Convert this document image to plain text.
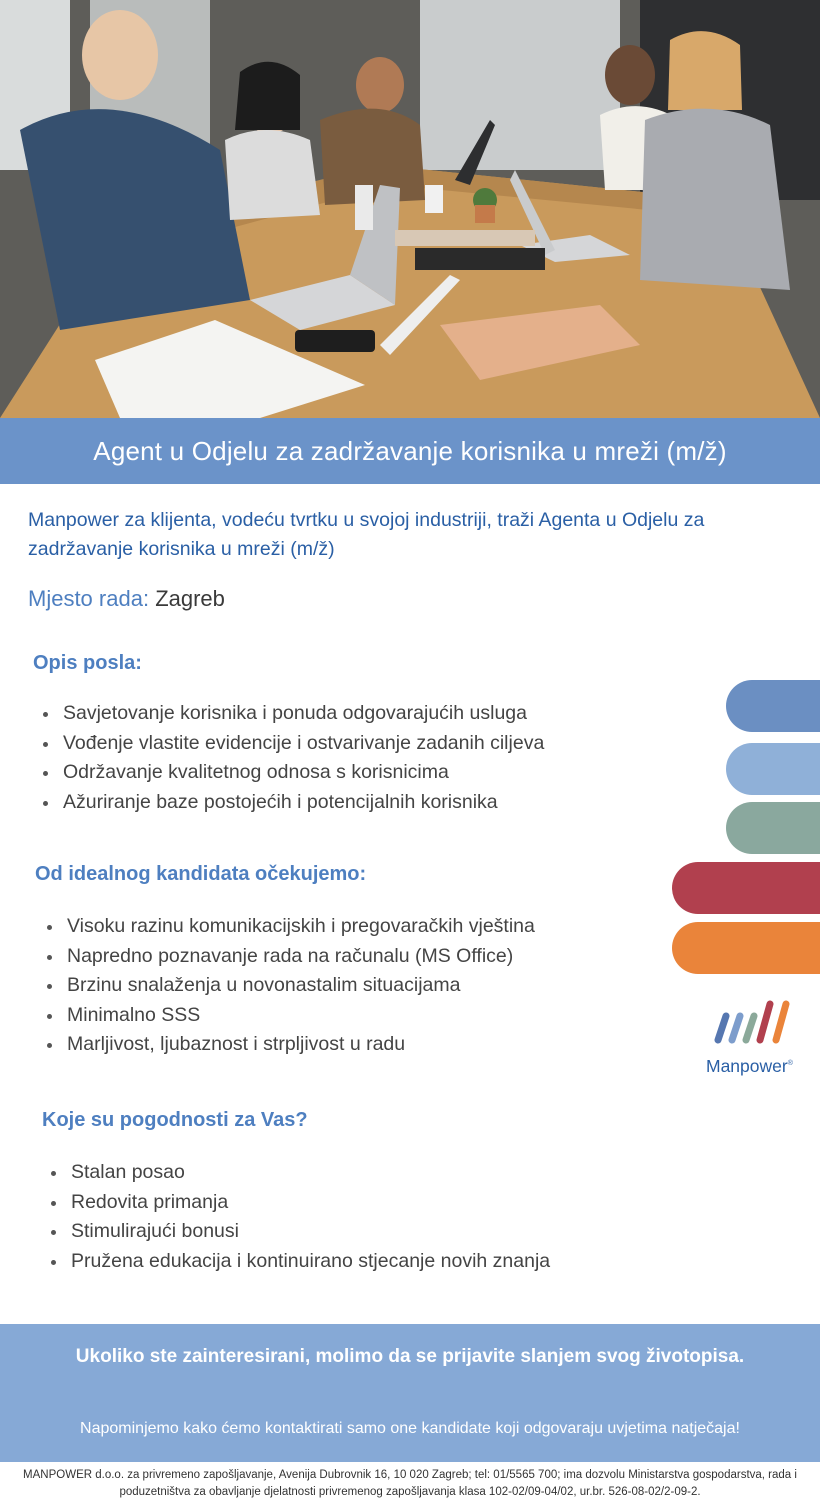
Agent u Odjelu za zadržavanje korisnika u mreži (m/ž)

Manpower za klijenta, vodeću tvrtku u svojoj industriji, traži Agenta u Odjelu za zadržavanje korisnika u mreži (m/ž)

Mjesto rada: Zagreb
Opis posla:
Savjetovanje korisnika i ponuda odgovarajućih usluga
Vođenje vlastite evidencije i ostvarivanje zadanih ciljeva
Održavanje kvalitetnog odnosa s korisnicima
Ažuriranje baze postojećih i potencijalnih korisnika
Od idealnog kandidata očekujemo:
Visoku razinu komunikacijskih i pregovaračkih vještina
Napredno poznavanje rada na računalu (MS Office)
Brzinu snalaženja u novonastalim situacijama
Minimalno SSS
Marljivost, ljubaznost i strpljivost u radu
Koje su pogodnosti za Vas?
Stalan posao
Redovita primanja
Stimulirajući bonusi
Pružena edukacija i kontinuirano stjecanje novih znanja
Manpower®
Ukoliko ste zainteresirani, molimo da se prijavite slanjem svog životopisa.
Napominjemo kako ćemo kontaktirati samo one kandidate koji odgovaraju uvjetima natječaja!
MANPOWER d.o.o. za privremeno zapošljavanje, Avenija Dubrovnik 16, 10 020 Zagreb; tel: 01/5565 700; ima dozvolu Ministarstva gospodarstva, rada i poduzetništva za obavljanje djelatnosti privremenog zapošljavanja klasa 102-02/09-04/02, ur.br. 526-08-02/2-09-2.
